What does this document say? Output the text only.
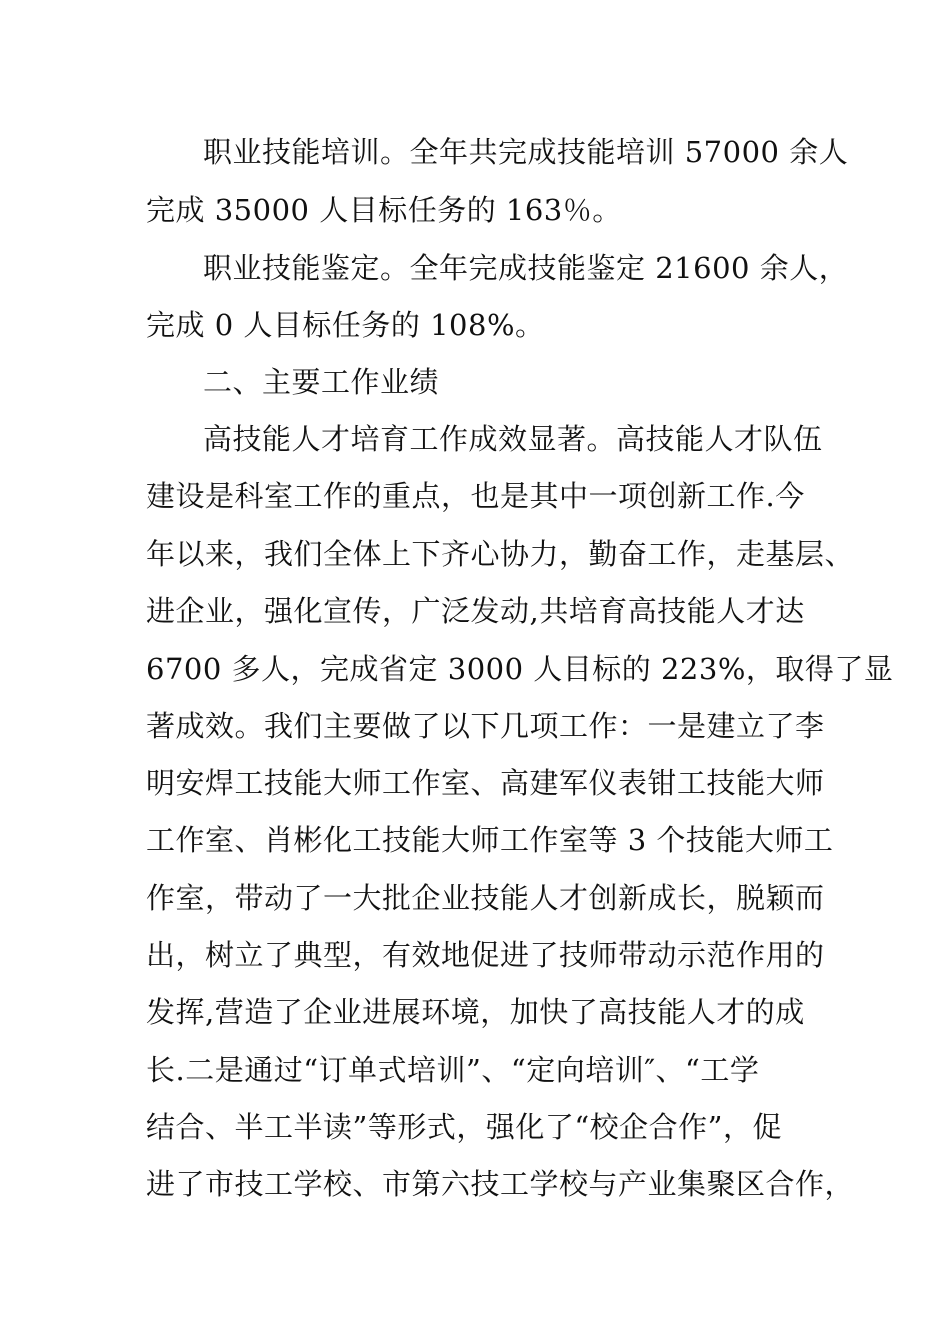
职业技能培训。全年共完成技能培训 57000 余人
完成 35000 人目标任务的 163％。
职业技能鉴定。全年完成技能鉴定 21600 余人，
完成 0 人目标任务的 108%。
二、主要工作业绩
高技能人才培育工作成效显著。高技能人才队伍
建设是科室工作的重点，也是其中一项创新工作.今
年以来，我们全体上下齐心协力，勤奋工作，走基层、
进企业，强化宣传，广泛发动,共培育高技能人才达
6700 多人，完成省定 3000 人目标的 223%，取得了显
著成效。我们主要做了以下几项工作：一是建立了李
明安焊工技能大师工作室、高建军仪表钳工技能大师
工作室、肖彬化工技能大师工作室等 3 个技能大师工
作室，带动了一大批企业技能人才创新成长，脱颖而
出，树立了典型，有效地促进了技师带动示范作用的
发挥,营造了企业进展环境，加快了高技能人才的成
长.二是通过“订单式培训”、“定向培训″、“工学
结合、半工半读”等形式，强化了“校企合作”，促
进了市技工学校、市第六技工学校与产业集聚区合作，
